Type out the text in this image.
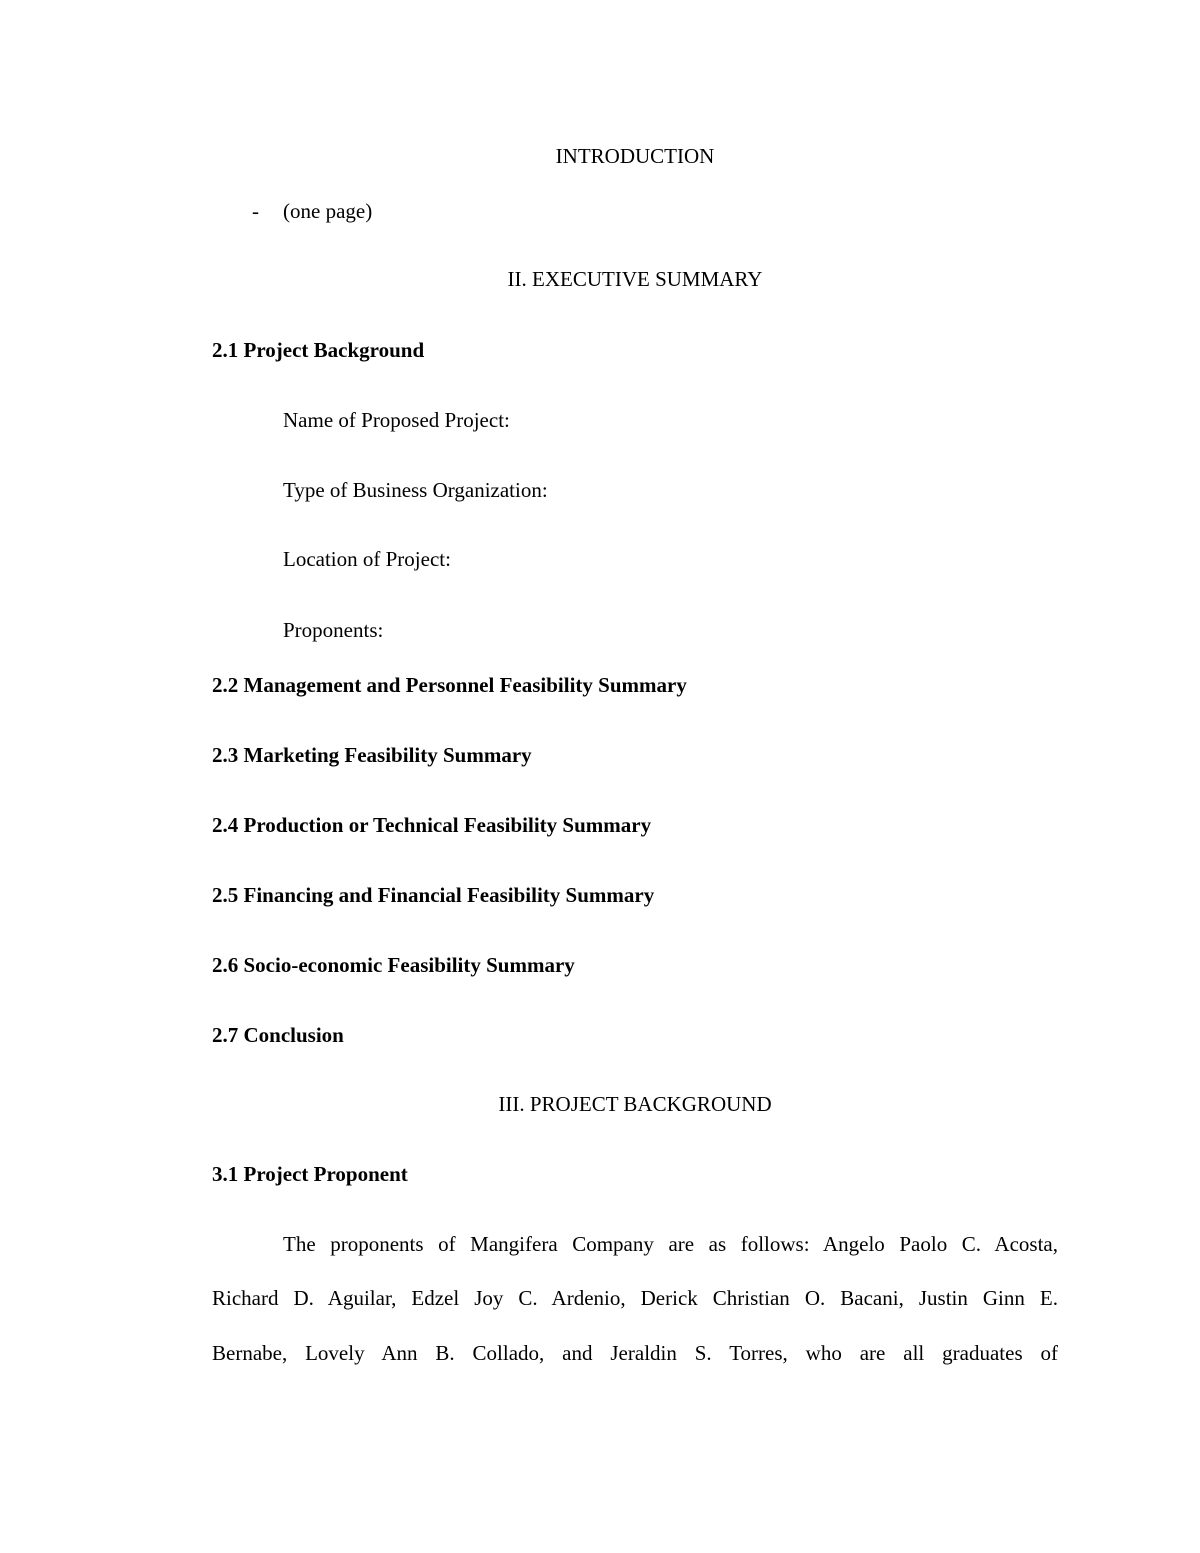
INTRODUCTION
- (one page)
II. EXECUTIVE SUMMARY
2.1 Project Background
Name of Proposed Project:
Type of Business Organization:
Location of Project:
Proponents:
2.2 Management and Personnel Feasibility Summary
2.3 Marketing Feasibility Summary
2.4 Production or Technical Feasibility Summary
2.5 Financing and Financial Feasibility Summary
2.6 Socio-economic Feasibility Summary
2.7 Conclusion
III. PROJECT BACKGROUND
3.1 Project Proponent
The proponents of Mangifera Company are as follows: Angelo Paolo C. Acosta,
Richard D. Aguilar, Edzel Joy C. Ardenio, Derick Christian O. Bacani, Justin Ginn E.
Bernabe, Lovely Ann B. Collado, and Jeraldin S. Torres, who are all graduates of
